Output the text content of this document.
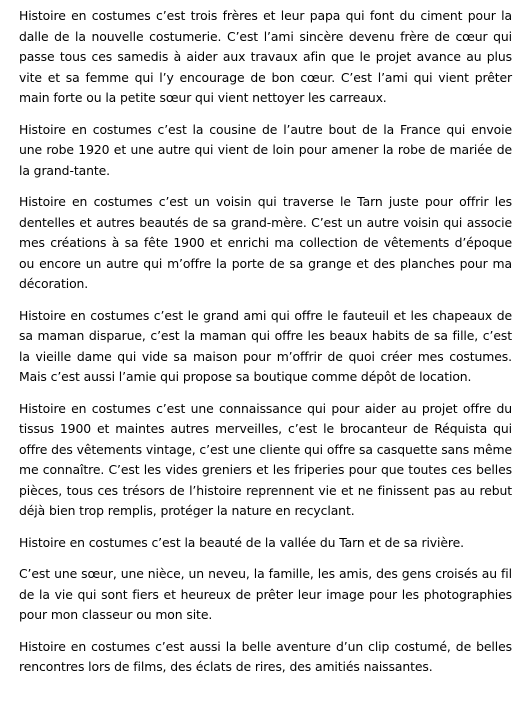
Histoire en costumes c’est trois frères et leur papa qui font du ciment pour la dalle de la nouvelle costumerie. C’est l’ami sincère devenu frère de cœur qui passe tous ces samedis à aider aux travaux afin que le projet avance au plus vite et sa femme qui l’y encourage de bon cœur. C’est l’ami qui vient prêter main forte ou la petite sœur qui vient nettoyer les carreaux.

Histoire en costumes c’est la cousine de l’autre bout de la France qui envoie une robe 1920 et une autre qui vient de loin pour amener la robe de mariée de la grand-tante.

Histoire en costumes c’est un voisin qui traverse le Tarn juste pour offrir les dentelles et autres beautés de sa grand-mère. C’est un autre voisin qui associe mes créations à sa fête 1900 et enrichi ma collection de vêtements d’époque ou encore un autre qui m’offre la porte de sa grange et des planches pour ma décoration.

Histoire en costumes c’est le grand ami qui offre le fauteuil et les chapeaux de sa maman disparue, c’est la maman qui offre les beaux habits de sa fille, c’est la vieille dame qui vide sa maison pour m’offrir de quoi créer mes costumes. Mais c’est aussi l’amie qui propose sa boutique comme dépôt de location.

Histoire en costumes c’est une connaissance qui pour aider au projet offre du tissus 1900 et maintes autres merveilles, c’est le brocanteur de Réquista qui offre des vêtements vintage, c’est une cliente qui offre sa casquette sans même me connaître. C’est les vides greniers et les friperies pour que toutes ces belles pièces, tous ces trésors de l’histoire reprennent vie et ne finissent pas au rebut déjà bien trop remplis, protéger la nature en recyclant.

Histoire en costumes c’est la beauté de la vallée du Tarn et de sa rivière.

C’est une sœur, une nièce, un neveu, la famille, les amis, des gens croisés au fil de la vie qui sont fiers et heureux de prêter leur image pour les photographies pour mon classeur ou mon site.

Histoire en costumes c’est aussi la belle aventure d’un clip costumé, de belles rencontres lors de films, des éclats de rires, des amitiés naissantes.
